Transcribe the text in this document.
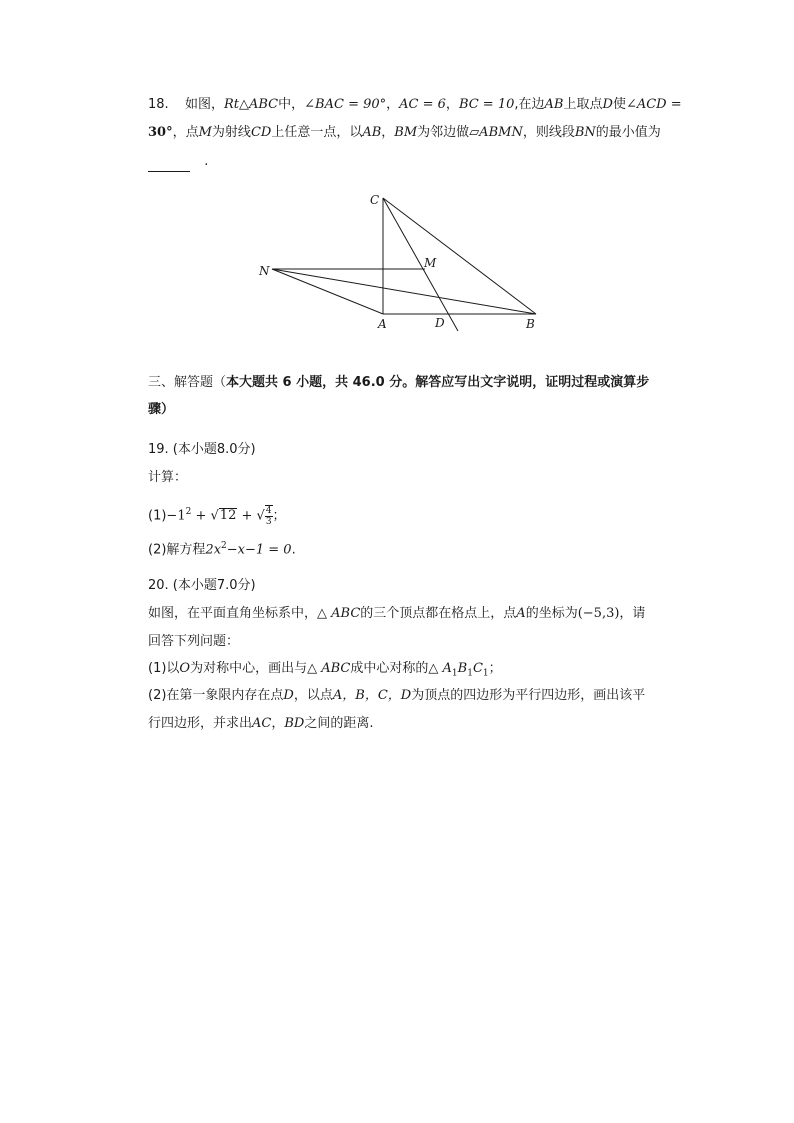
18. 如图，Rt△ABC中，∠BAC = 90°，AC = 6，BC = 10,在边AB上取点D使∠ACD =
30°，点M为射线CD上任意一点，以AB，BM为邻边做▱ABMN，则线段BN的最小值为
.
C
M
N
A	D	B
三、解答题（本大题共 6 小题，共 46.0 分。解答应写出文字说明，证明过程或演算步
骤）
19. (本小题8.0分)
计算：
$(1)-1^2 + √12$ + √ $\frac{4}{3}$ ；
(2)解方程$2x^2-x-1 = 0$.
20. (本小题7.0分)
如图，在平面直角坐标系中，△ ABC的三个顶点都在格点上，点A的坐标为(−5,3)，请
回答下列问题：
(1)以O为对称中心，画出与△ ABC成中心对称的△ $A_1B_1C_1$；
(2)在第一象限内存在点D，以点A，B，C，D为顶点的四边形为平行四边形，画出该平
行四边形，并求出AC，BD之间的距离.
